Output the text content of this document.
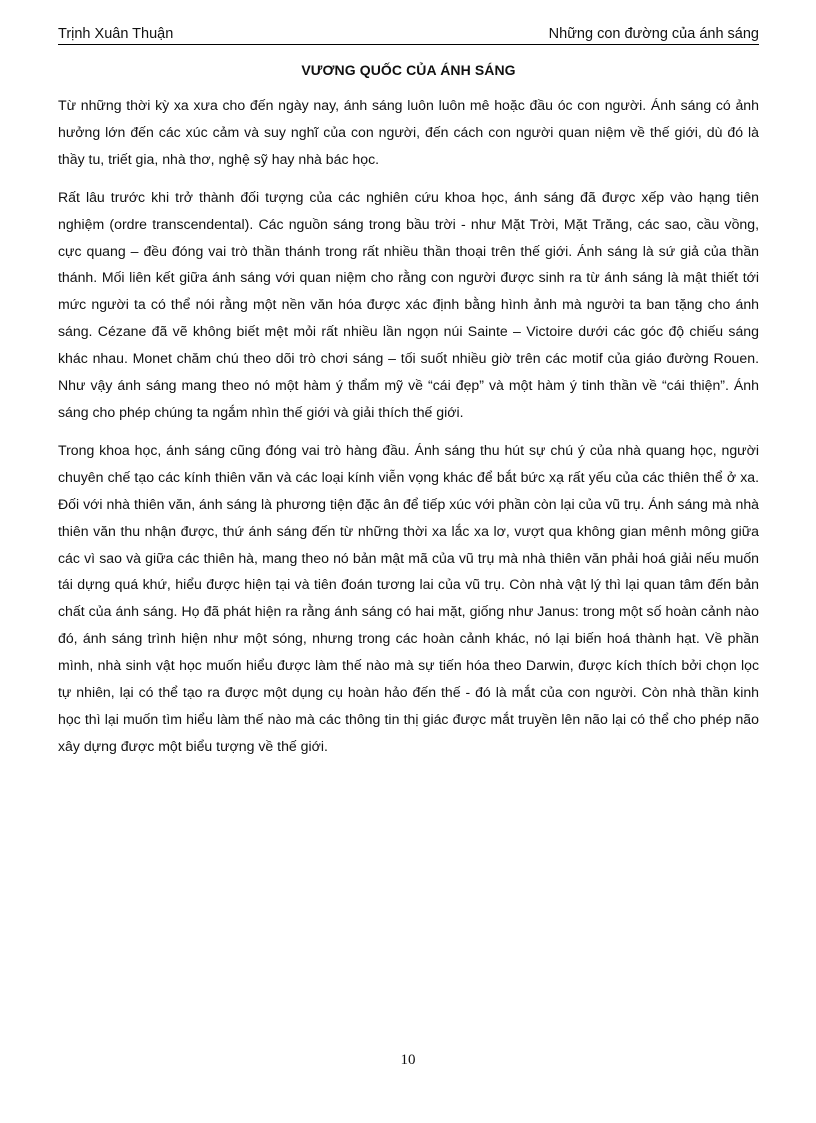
Trịnh Xuân Thuận	Những con đường của ánh sáng
VƯƠNG QUỐC CỦA ÁNH SÁNG

Từ những thời kỳ xa xưa cho đến ngày nay, ánh sáng luôn luôn mê hoặc đầu óc con người. Ánh sáng có ảnh hưởng lớn đến các xúc cảm và suy nghĩ của con người, đến cách con người quan niệm về thế giới, dù đó là thầy tu, triết gia, nhà thơ, nghệ sỹ hay nhà bác học.

Rất lâu trước khi trở thành đối tượng của các nghiên cứu khoa học, ánh sáng đã được xếp vào hạng tiên nghiệm (ordre transcendental). Các nguồn sáng trong bầu trời - như Mặt Trời, Mặt Trăng, các sao, cầu vồng, cực quang – đều đóng vai trò thần thánh trong rất nhiều thần thoại trên thế giới. Ánh sáng là sứ giả của thần thánh. Mối liên kết giữa ánh sáng với quan niệm cho rằng con người được sinh ra từ ánh sáng là mật thiết tới mức người ta có thể nói rằng một nền văn hóa được xác định bằng hình ảnh mà người ta ban tặng cho ánh sáng. Cézane đã vẽ không biết mệt mỏi rất nhiều lần ngọn núi Sainte – Victoire dưới các góc độ chiếu sáng khác nhau. Monet chăm chú theo dõi trò chơi sáng – tối suốt nhiều giờ trên các motif của giáo đường Rouen. Như vậy ánh sáng mang theo nó một hàm ý thẩm mỹ về “cái đẹp” và một hàm ý tinh thần về “cái thiện”. Ánh sáng cho phép chúng ta ngắm nhìn thế giới và giải thích thế giới.

Trong khoa học, ánh sáng cũng đóng vai trò hàng đầu. Ánh sáng thu hút sự chú ý của nhà quang học, người chuyên chế tạo các kính thiên văn và các loại kính viễn vọng khác để bắt bức xạ rất yếu của các thiên thể ở xa. Đối với nhà thiên văn, ánh sáng là phương tiện đặc ân để tiếp xúc với phần còn lại của vũ trụ. Ánh sáng mà nhà thiên văn thu nhận được, thứ ánh sáng đến từ những thời xa lắc xa lơ, vượt qua không gian mênh mông giữa các vì sao và giữa các thiên hà, mang theo nó bản mật mã của vũ trụ mà nhà thiên văn phải hoá giải nếu muốn tái dựng quá khứ, hiểu được hiện tại và tiên đoán tương lai của vũ trụ. Còn nhà vật lý thì lại quan tâm đến bản chất của ánh sáng. Họ đã phát hiện ra rằng ánh sáng có hai mặt, giống như Janus: trong một số hoàn cảnh nào đó, ánh sáng trình hiện như một sóng, nhưng trong các hoàn cảnh khác, nó lại biến hoá thành hạt. Về phần mình, nhà sinh vật học muốn hiểu được làm thế nào mà sự tiến hóa theo Darwin, được kích thích bởi chọn lọc tự nhiên, lại có thể tạo ra được một dụng cụ hoàn hảo đến thế - đó là mắt của con người. Còn nhà thần kinh học thì lại muốn tìm hiểu làm thế nào mà các thông tin thị giác được mắt truyền lên não lại có thể cho phép não xây dựng được một biểu tượng về thế giới.

10
